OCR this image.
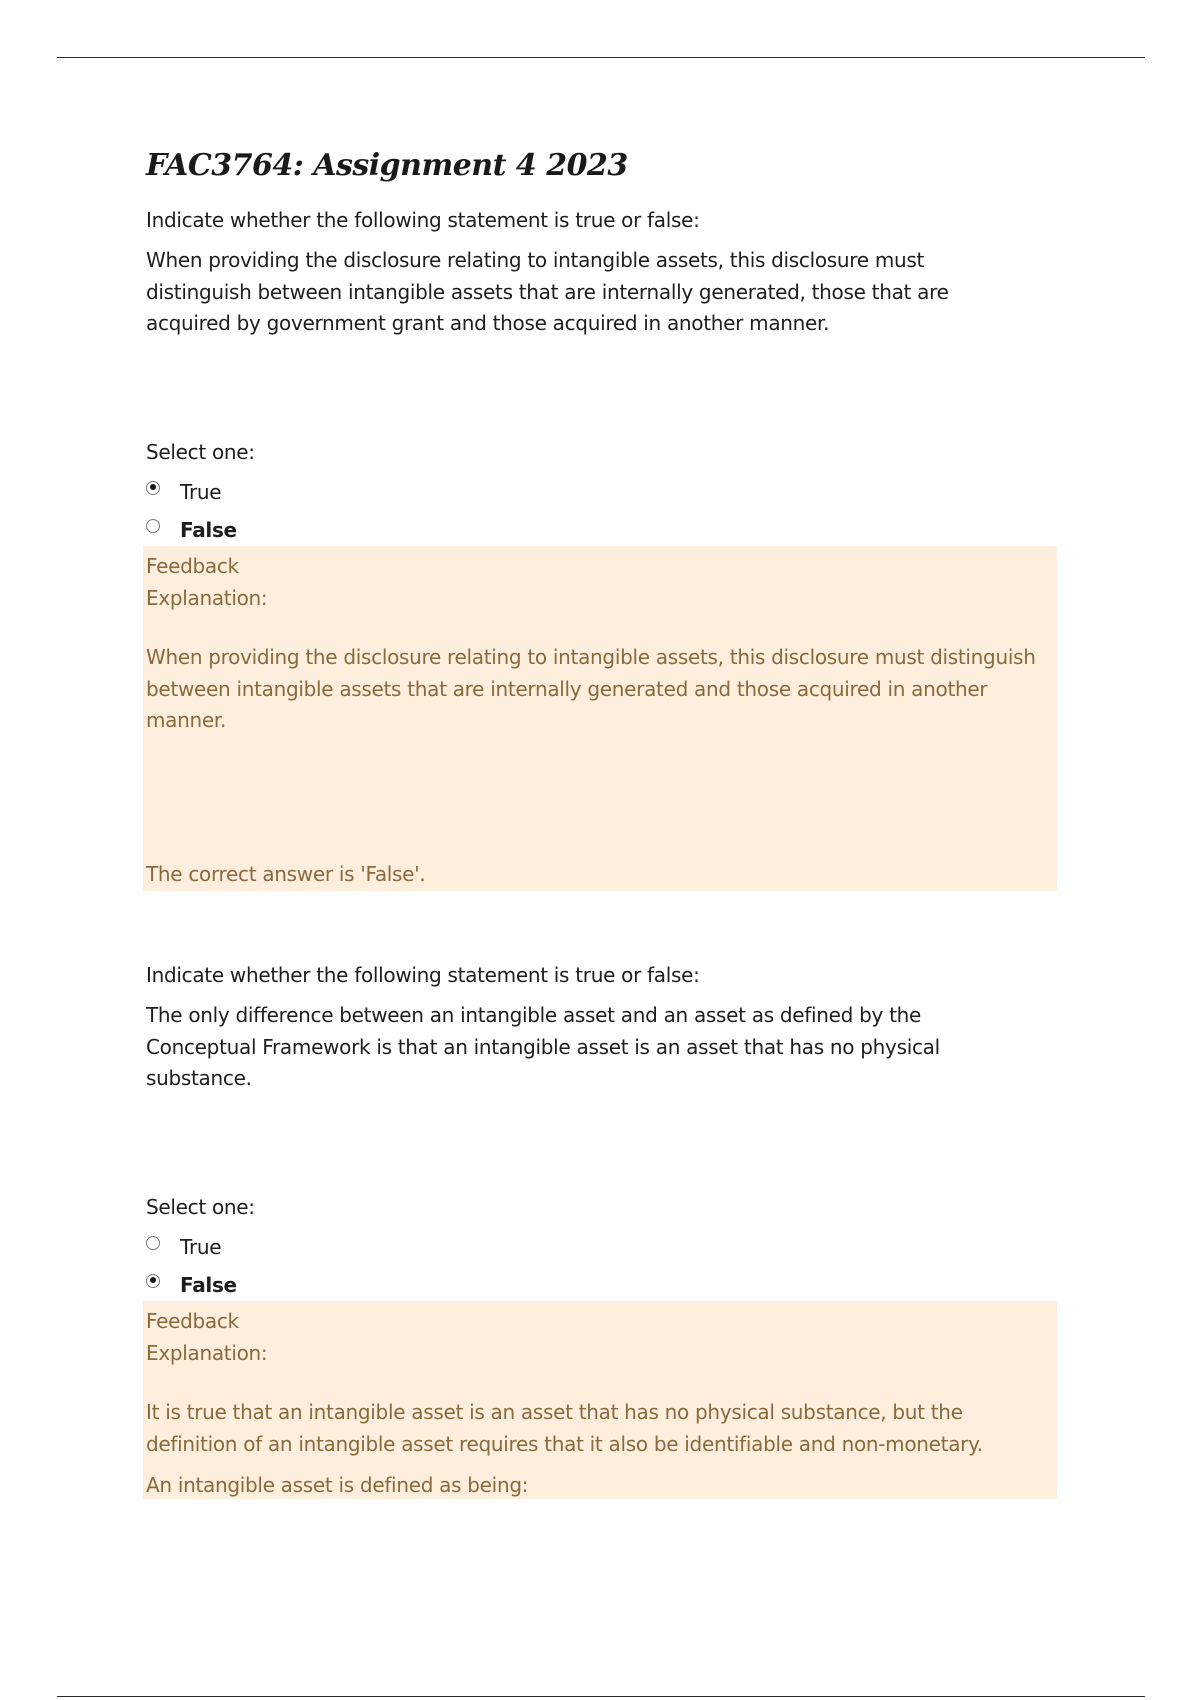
FAC3764: Assignment 4 2023

Indicate whether the following statement is true or false:

When providing the disclosure relating to intangible assets, this disclosure must distinguish between intangible assets that are internally generated, those that are acquired by government grant and those acquired in another manner.

Select one:

True
False

Feedback

Explanation:

When providing the disclosure relating to intangible assets, this disclosure must distinguish between intangible assets that are internally generated and those acquired in another manner.

The correct answer is 'False'.

Indicate whether the following statement is true or false:

The only difference between an intangible asset and an asset as defined by the Conceptual Framework is that an intangible asset is an asset that has no physical substance.

Select one:

True
False

Feedback

Explanation:

It is true that an intangible asset is an asset that has no physical substance, but the definition of an intangible asset requires that it also be identifiable and non-monetary.

An intangible asset is defined as being:
